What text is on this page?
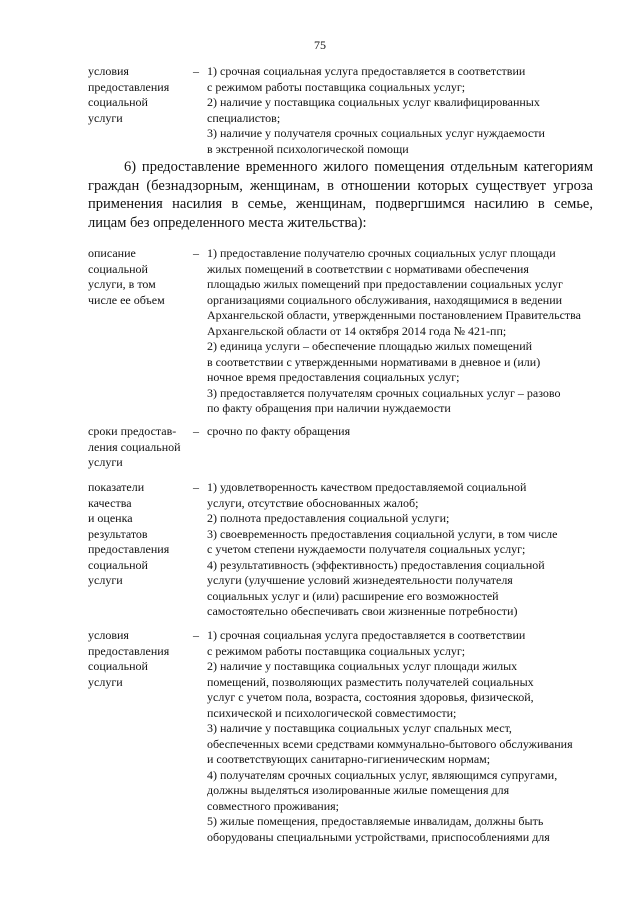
75
условия
предоставления
социальной
услуги
– 1) срочная социальная услуга предоставляется в соответствии
с режимом работы поставщика социальных услуг;
2) наличие у поставщика социальных услуг квалифицированных
специалистов;
3) наличие у получателя срочных социальных услуг нуждаемости
в экстренной психологической помощи
6) предоставление временного жилого помещения отдельным категориям
граждан (безнадзорным, женщинам, в отношении которых существует угроза
применения насилия в семье, женщинам, подвергшимся насилию в семье,
лицам без определенного места жительства):
описание
социальной
услуги, в том
числе ее объем
– 1) предоставление получателю срочных социальных услуг площади
жилых помещений в соответствии с нормативами обеспечения
площадью жилых помещений при предоставлении социальных услуг
организациями социального обслуживания, находящимися в ведении
Архангельской области, утвержденными постановлением Правительства
Архангельской области от 14 октября 2014 года № 421-пп;
2) единица услуги – обеспечение площадью жилых помещений
в соответствии с утвержденными нормативами в дневное и (или)
ночное время предоставления социальных услуг;
3) предоставляется получателям срочных социальных услуг – разово
по факту обращения при наличии нуждаемости
сроки предостав-
ления социальной
услуги
– срочно по факту обращения
показатели
качества
и оценка
результатов
предоставления
социальной
услуги
– 1) удовлетворенность качеством предоставляемой социальной
услуги, отсутствие обоснованных жалоб;
2) полнота предоставления социальной услуги;
3) своевременность предоставления социальной услуги, в том числе
с учетом степени нуждаемости получателя социальных услуг;
4) результативность (эффективность) предоставления социальной
услуги (улучшение условий жизнедеятельности получателя
социальных услуг и (или) расширение его возможностей
самостоятельно обеспечивать свои жизненные потребности)
условия
предоставления
социальной
услуги
– 1) срочная социальная услуга предоставляется в соответствии
с режимом работы поставщика социальных услуг;
2) наличие у поставщика социальных услуг площади жилых
помещений, позволяющих разместить получателей социальных
услуг с учетом пола, возраста, состояния здоровья, физической,
психической и психологической совместимости;
3) наличие у поставщика социальных услуг спальных мест,
обеспеченных всеми средствами коммунально-бытового обслуживания
и соответствующих санитарно-гигиеническим нормам;
4) получателям срочных социальных услуг, являющимся супругами,
должны выделяться изолированные жилые помещения для
совместного проживания;
5) жилые помещения, предоставляемые инвалидам, должны быть
оборудованы специальными устройствами, приспособлениями для
